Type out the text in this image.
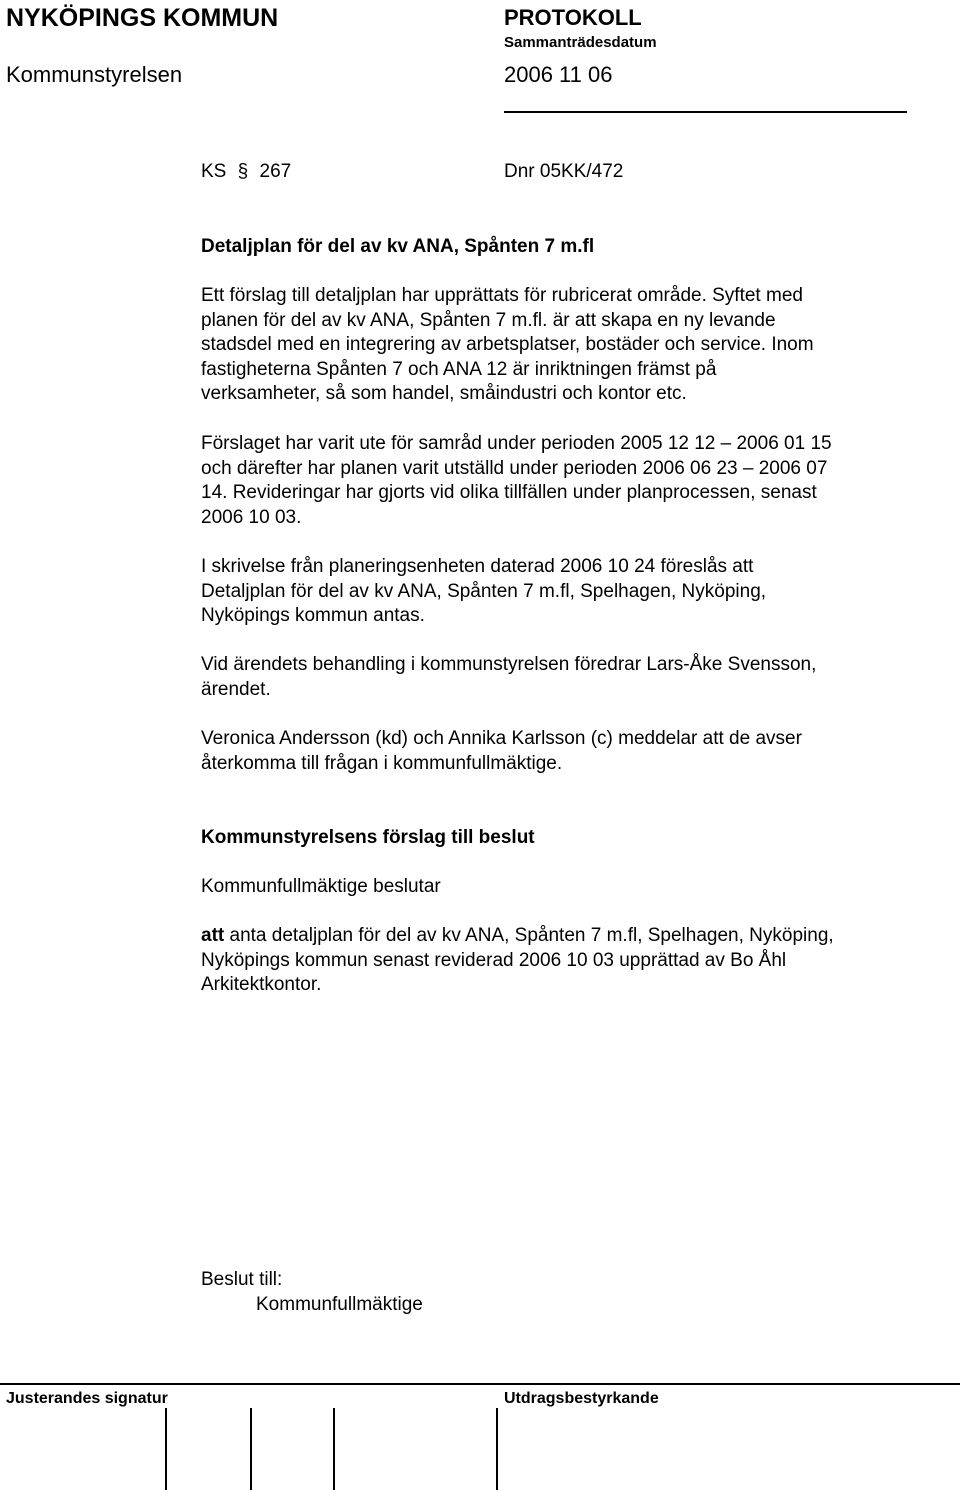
NYKÖPINGS KOMMUN
Kommunstyrelsen
PROTOKOLL
Sammanträdesdatum
2006 11 06
KS § 267	Dnr 05KK/472
Detaljplan för del av kv ANA, Spånten 7 m.fl
Ett förslag till detaljplan har upprättats för rubricerat område. Syftet med
planen för del av kv ANA, Spånten 7 m.fl. är att skapa en ny levande
stadsdel med en integrering av arbetsplatser, bostäder och service. Inom
fastigheterna Spånten 7 och ANA 12 är inriktningen främst på
verksamheter, så som handel, småindustri och kontor etc.
Förslaget har varit ute för samråd under perioden 2005 12 12 – 2006 01 15
och därefter har planen varit utställd under perioden 2006 06 23 – 2006 07
14. Revideringar har gjorts vid olika tillfällen under planprocessen, senast
2006 10 03.
I skrivelse från planeringsenheten daterad 2006 10 24 föreslås att
Detaljplan för del av kv ANA, Spånten 7 m.fl, Spelhagen, Nyköping,
Nyköpings kommun antas.
Vid ärendets behandling i kommunstyrelsen föredrar Lars-Åke Svensson,
ärendet.
Veronica Andersson (kd) och Annika Karlsson (c) meddelar att de avser
återkomma till frågan i kommunfullmäktige.
Kommunstyrelsens förslag till beslut
Kommunfullmäktige beslutar
att anta detaljplan för del av kv ANA, Spånten 7 m.fl, Spelhagen, Nyköping,
Nyköpings kommun senast reviderad 2006 10 03 upprättad av Bo Åhl
Arkitektkontor.
Beslut till:
Kommunfullmäktige
Justerandes signatur	Utdragsbestyrkande
